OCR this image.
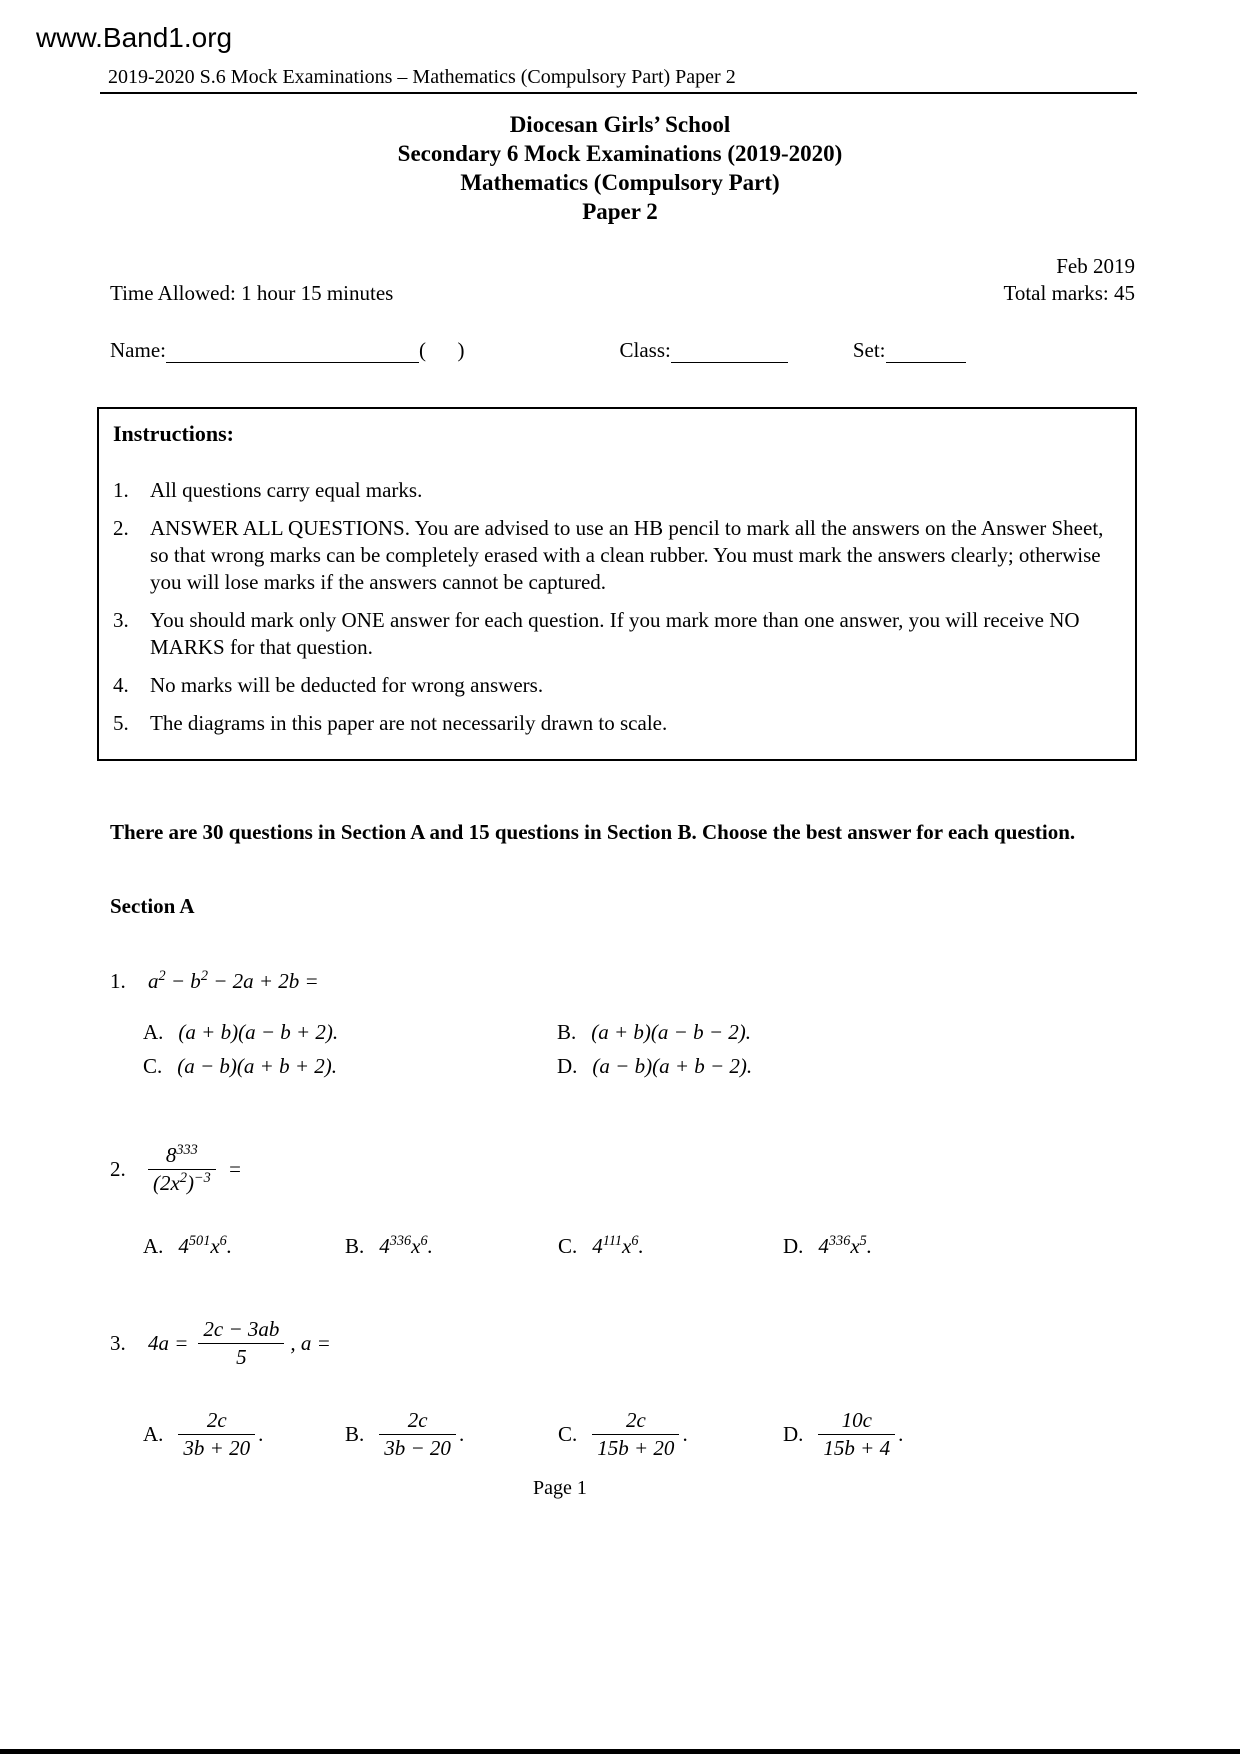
www.Band1.org
2019-2020 S.6 Mock Examinations – Mathematics (Compulsory Part) Paper 2
Diocesan Girls’ School
Secondary 6 Mock Examinations (2019-2020)
Mathematics (Compulsory Part)
Paper 2
Feb 2019
Time Allowed: 1 hour 15 minutes	Total marks: 45
Name:	(      )	Class:	Set:
Instructions:
1.	All questions carry equal marks.
2.	ANSWER ALL QUESTIONS. You are advised to use an HB pencil to mark all the answers on the Answer Sheet, so that wrong marks can be completely erased with a clean rubber. You must mark the answers clearly; otherwise you will lose marks if the answers cannot be captured.
3.	You should mark only ONE answer for each question. If you mark more than one answer, you will receive NO MARKS for that question.
4.	No marks will be deducted for wrong answers.
5.	The diagrams in this paper are not necessarily drawn to scale.
There are 30 questions in Section A and 15 questions in Section B. Choose the best answer for each question.
Section A
1.	$a^2 - b^2 - 2a + 2b$ =
A. (a + b)(a − b + 2).	B. (a + b)(a − b − 2).
C. (a − b)(a + b + 2).	D. (a − b)(a + b − 2).
2.	$\frac{8^{333}}{(2x^2)^{-3}}$ =
A. $4^{501}x^6$.	B. $4^{336}x^6$.	C. $4^{111}x^6$.	D. $4^{336}x^5$.
3.	$4a = \frac{2c - 3ab}{5}$ , a =
A. $\frac{2c}{3b + 20}$ .	B. $\frac{2c}{3b - 20}$ .	C. $\frac{2c}{15b + 20}$ .	D. $\frac{10c}{15b + 4}$ .
Page 1
